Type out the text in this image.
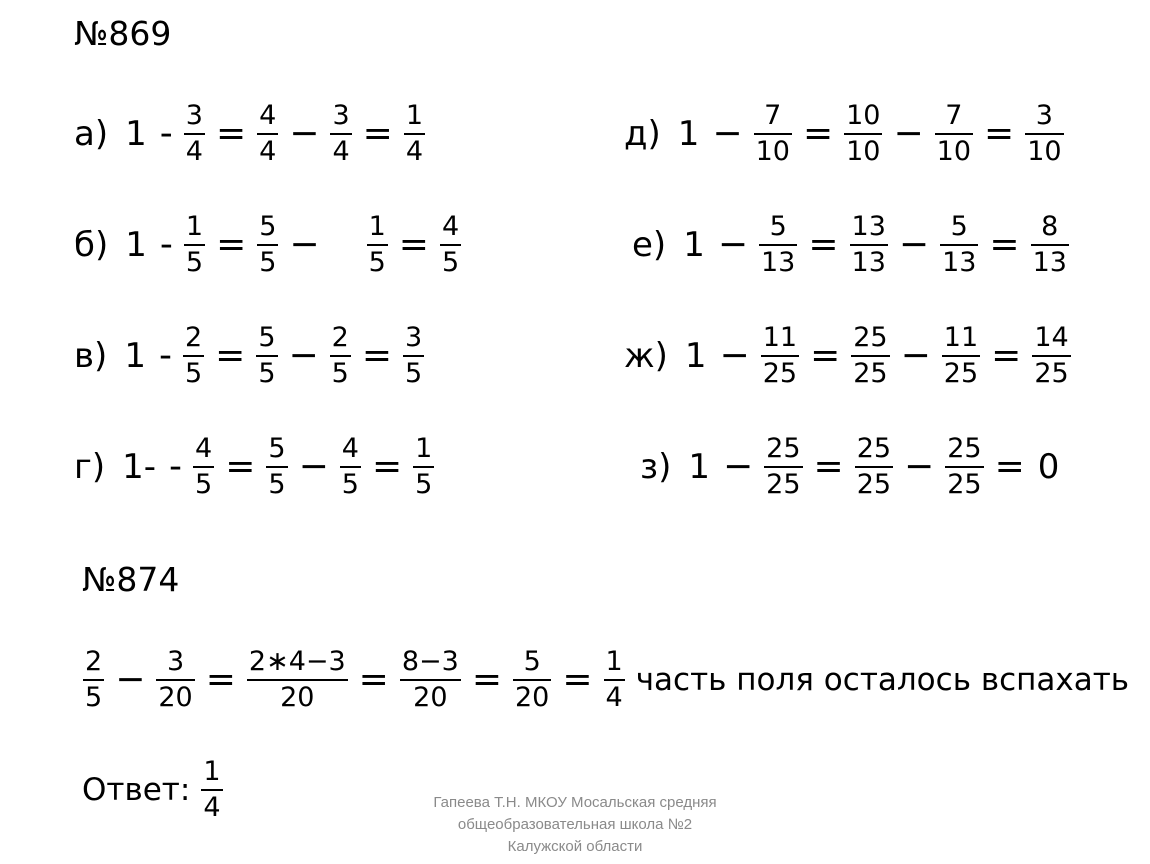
№869
а) $1 - \frac{3}{4} = \frac{4}{4} - \frac{3}{4} = \frac{1}{4}$
б) $1 - \frac{1}{5} = \frac{5}{5} - \frac{1}{5} = \frac{4}{5}$
в) $1 - \frac{2}{5} = \frac{5}{5} - \frac{2}{5} = \frac{3}{5}$
г) $1- - \frac{4}{5} = \frac{5}{5} - \frac{4}{5} = \frac{1}{5}$
д) $1 - \frac{7}{10} = \frac{10}{10} - \frac{7}{10} = \frac{3}{10}$
е) $1 - \frac{5}{13} = \frac{13}{13} - \frac{5}{13} = \frac{8}{13}$
ж) $1 - \frac{11}{25} = \frac{25}{25} - \frac{11}{25} = \frac{14}{25}$
з) $1 - \frac{25}{25} = \frac{25}{25} - \frac{25}{25} = 0$
№874
$\frac{2}{5} - \frac{3}{20} = \frac{2∗4-3}{20} = \frac{8-3}{20} = \frac{5}{20} = \frac{1}{4}$ часть поля осталось вспахать
Ответ: $\frac{1}{4}$	Гапеева Т.Н. МКОУ Мосальская средняя
общеобразовательная школа №2
Калужской области
